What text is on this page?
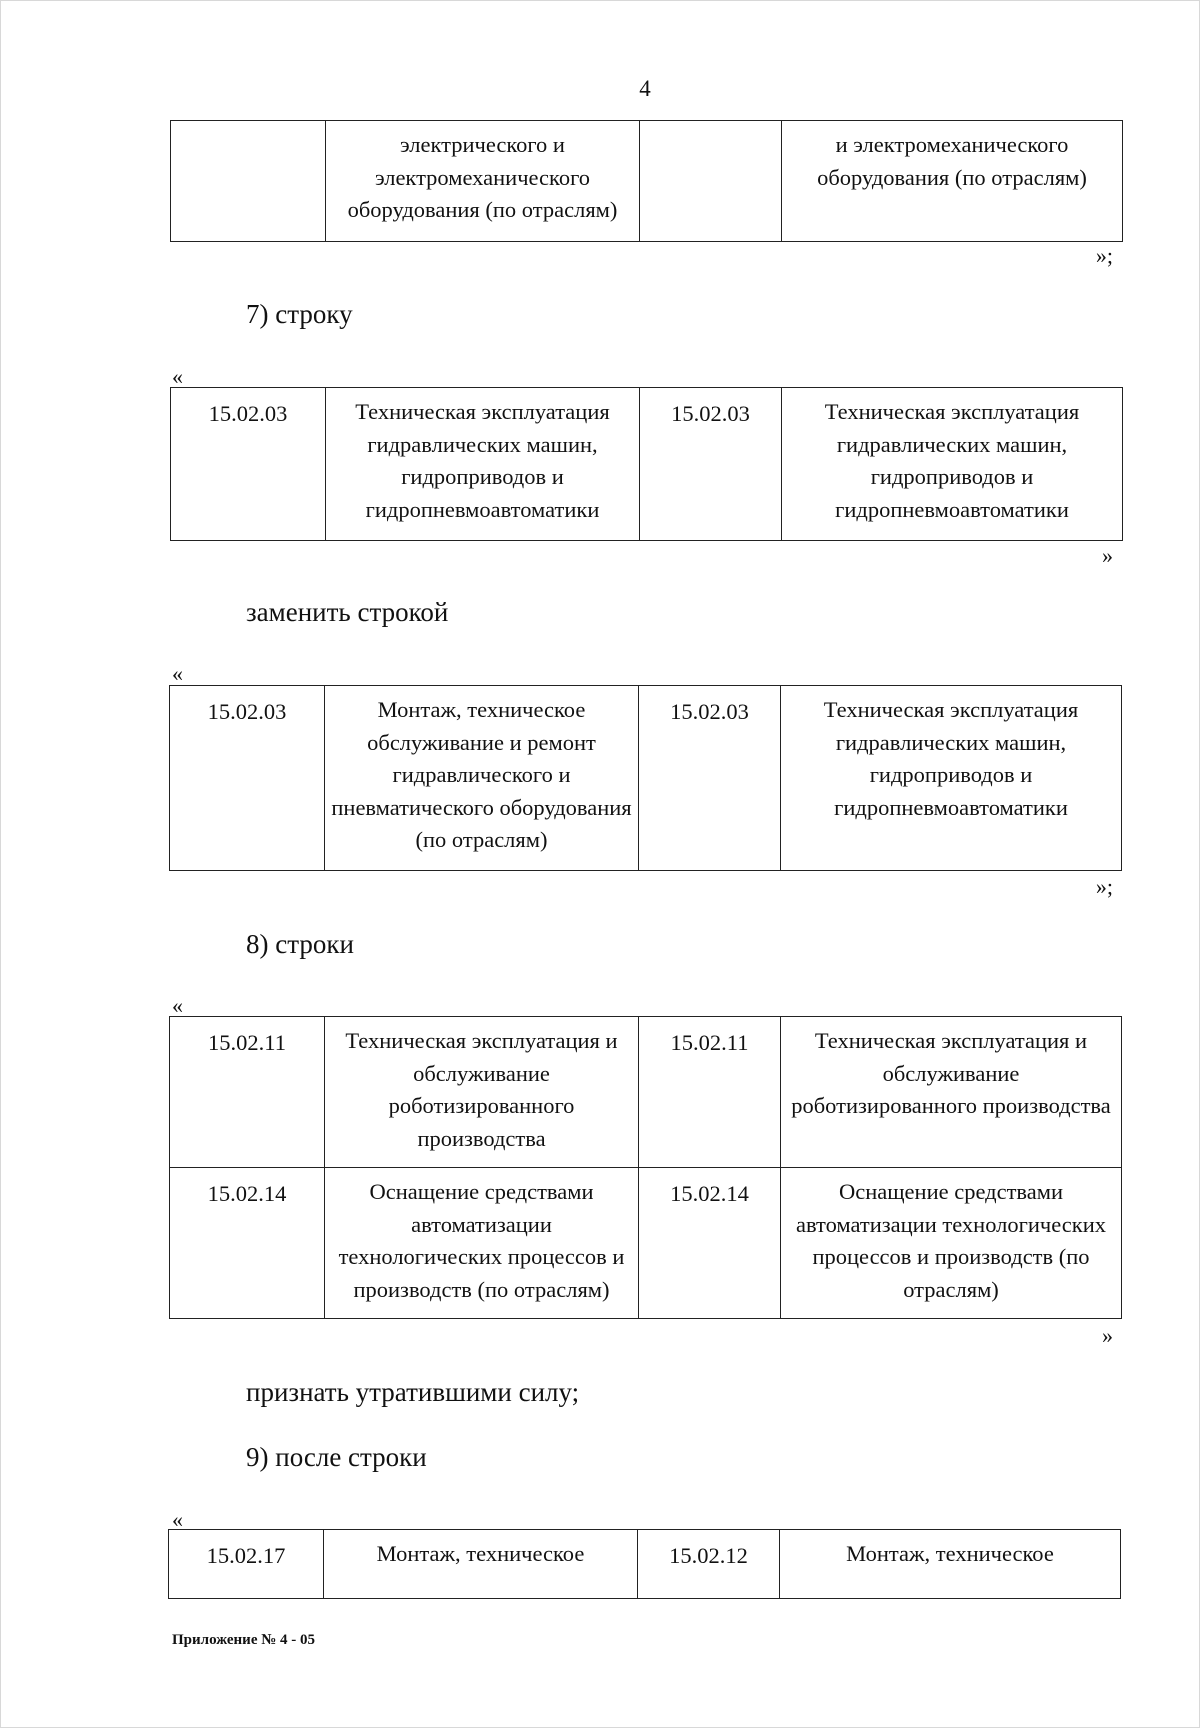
4
	электрического и электромеханического оборудования (по отраслям)		и электромеханического оборудования (по отраслям)
»;
7) строку
«
15.02.03	Техническая эксплуатация гидравлических машин, гидроприводов и гидропневмоавтоматики	15.02.03	Техническая эксплуатация гидравлических машин, гидроприводов и гидропневмоавтоматики
»
заменить строкой
«
15.02.03	Монтаж, техническое обслуживание и ремонт гидравлического и пневматического оборудования (по отраслям)	15.02.03	Техническая эксплуатация гидравлических машин, гидроприводов и гидропневмоавтоматики
»;
8) строки
«
15.02.11	Техническая эксплуатация и обслуживание роботизированного производства	15.02.11	Техническая эксплуатация и обслуживание роботизированного производства
15.02.14	Оснащение средствами автоматизации технологических процессов и производств (по отраслям)	15.02.14	Оснащение средствами автоматизации технологических процессов и производств (по отраслям)
»
признать утратившими силу;
9) после строки
«
15.02.17	Монтаж, техническое	15.02.12	Монтаж, техническое
Приложение № 4 - 05
